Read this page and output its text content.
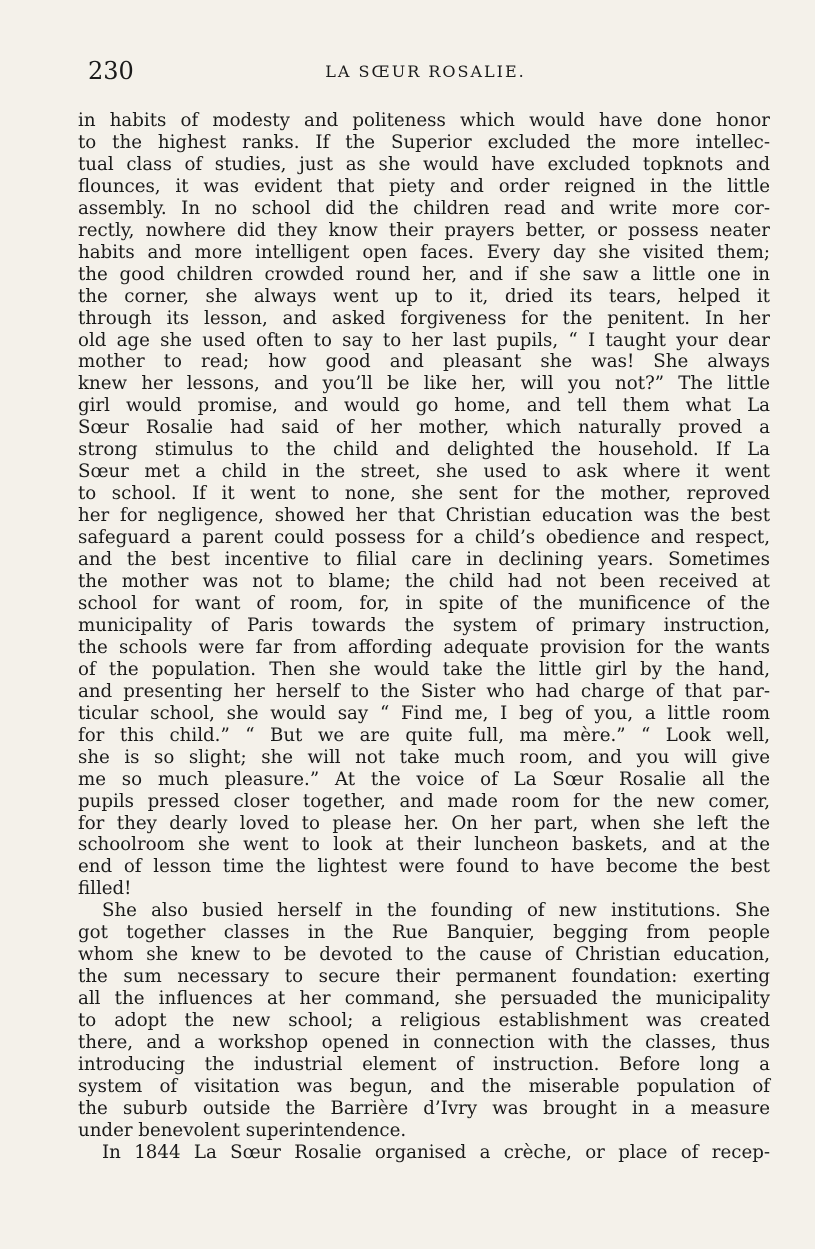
230	LA SŒUR ROSALIE.
in habits of modesty and politeness which would have done honor
to the highest ranks. If the Superior excluded the more intellec-
tual class of studies, just as she would have excluded topknots and
flounces, it was evident that piety and order reigned in the little
assembly. In no school did the children read and write more cor-
rectly, nowhere did they know their prayers better, or possess neater
habits and more intelligent open faces. Every day she visited them;
the good children crowded round her, and if she saw a little one in
the corner, she always went up to it, dried its tears, helped it
through its lesson, and asked forgiveness for the penitent. In her
old age she used often to say to her last pupils, “ I taught your dear
mother to read; how good and pleasant she was! She always
knew her lessons, and you’ll be like her, will you not?” The little
girl would promise, and would go home, and tell them what La
Sœur Rosalie had said of her mother, which naturally proved a
strong stimulus to the child and delighted the household. If La
Sœur met a child in the street, she used to ask where it went
to school. If it went to none, she sent for the mother, reproved
her for negligence, showed her that Christian education was the best
safeguard a parent could possess for a child’s obedience and respect,
and the best incentive to filial care in declining years. Sometimes
the mother was not to blame; the child had not been received at
school for want of room, for, in spite of the munificence of the
municipality of Paris towards the system of primary instruction,
the schools were far from affording adequate provision for the wants
of the population. Then she would take the little girl by the hand,
and presenting her herself to the Sister who had charge of that par-
ticular school, she would say “ Find me, I beg of you, a little room
for this child.” “ But we are quite full, ma mère.” “ Look well,
she is so slight; she will not take much room, and you will give
me so much pleasure.” At the voice of La Sœur Rosalie all the
pupils pressed closer together, and made room for the new comer,
for they dearly loved to please her. On her part, when she left the
schoolroom she went to look at their luncheon baskets, and at the
end of lesson time the lightest were found to have become the best
filled!
She also busied herself in the founding of new institutions. She
got together classes in the Rue Banquier, begging from people
whom she knew to be devoted to the cause of Christian education,
the sum necessary to secure their permanent foundation: exerting
all the influences at her command, she persuaded the municipality
to adopt the new school; a religious establishment was created
there, and a workshop opened in connection with the classes, thus
introducing the industrial element of instruction. Before long a
system of visitation was begun, and the miserable population of
the suburb outside the Barrière d’Ivry was brought in a measure
under benevolent superintendence.
In 1844 La Sœur Rosalie organised a crèche, or place of recep-
